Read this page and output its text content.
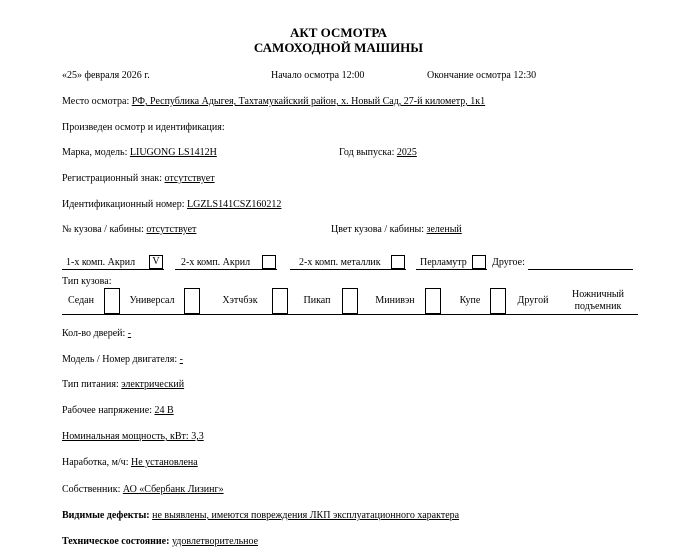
АКТ ОСМОТРА
САМОХОДНОЙ МАШИНЫ
«25» февраля 2026 г.	Начало осмотра 12:00	Окончание осмотра 12:30
Место осмотра: РФ, Республика Адыгея, Тахтамукайский район, х. Новый Сад, 27-й километр, 1к1
Произведен осмотр и идентификация:
Марка, модель: LIUGONG LS1412H	Год выпуска: 2025
Регистрационный знак: отсутствует
Идентификационный номер: LGZLS141CSZ160212
№ кузова / кабины: отсутствует	Цвет кузова / кабины: зеленый
1-х комп. Акрил	V	2-х комп. Акрил	2-х комп. металлик	Перламутр	Другое:
Тип кузова:
Седан	Универсал	Хэтчбэк	Пикап	Минивэн	Купе	Другой
Ножничный
подъемник
Кол-во дверей: -
Модель / Номер двигателя: -
Тип питания: электрический
Рабочее напряжение: 24 В
Номинальная мощность, кВт: 3,3
Наработка, м/ч: Не установлена
Собственник: АО «Сбербанк Лизинг»
Видимые дефекты: не выявлены, имеются повреждения ЛКП эксплуатационного характера
Техническое состояние: удовлетворительное
